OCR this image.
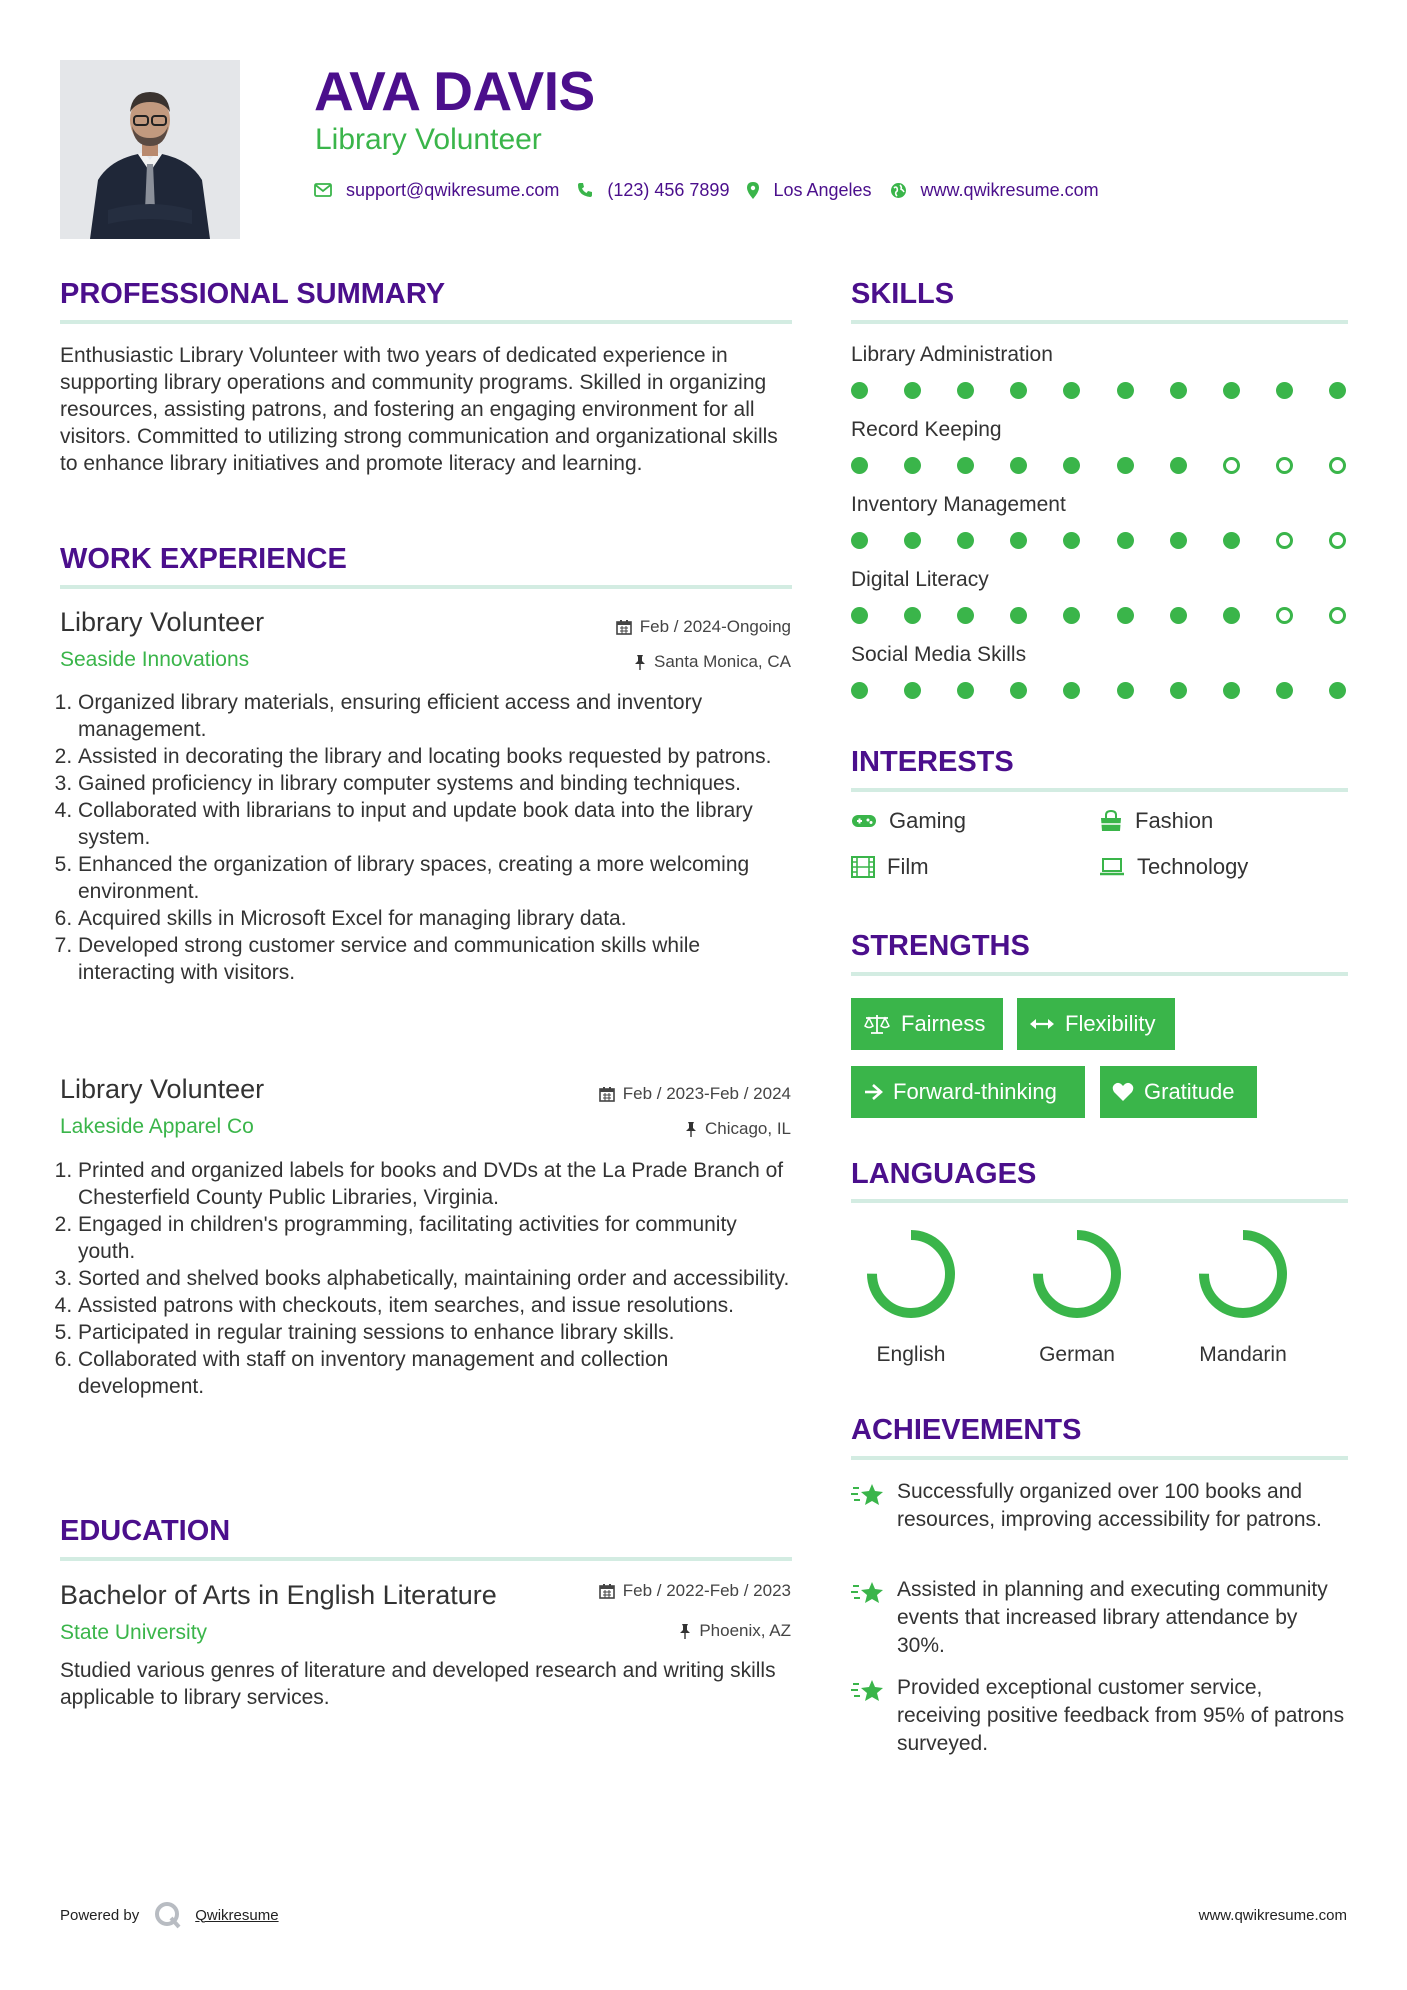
AVA DAVIS
Library Volunteer
support@qwikresume.com	(123) 456 7899 Los Angeles	www.qwikresume.com
PROFESSIONAL SUMMARY
Enthusiastic Library Volunteer with two years of dedicated experience in supporting library operations and community programs. Skilled in organizing resources, assisting patrons, and fostering an engaging environment for all visitors. Committed to utilizing strong communication and organizational skills to enhance library initiatives and promote literacy and learning.
WORK EXPERIENCE
Library Volunteer	Feb / 2024-Ongoing
Seaside Innovations	Santa Monica, CA
1. Organized library materials, ensuring efficient access and inventory management.
2. Assisted in decorating the library and locating books requested by patrons.
3. Gained proficiency in library computer systems and binding techniques.
4. Collaborated with librarians to input and update book data into the library system.
5. Enhanced the organization of library spaces, creating a more welcoming environment.
6. Acquired skills in Microsoft Excel for managing library data.
7. Developed strong customer service and communication skills while interacting with visitors.
Library Volunteer	Feb / 2023-Feb / 2024
Lakeside Apparel Co	Chicago, IL
1. Printed and organized labels for books and DVDs at the La Prade Branch of Chesterfield County Public Libraries, Virginia.
2. Engaged in children's programming, facilitating activities for community youth.
3. Sorted and shelved books alphabetically, maintaining order and accessibility.
4. Assisted patrons with checkouts, item searches, and issue resolutions.
5. Participated in regular training sessions to enhance library skills.
6. Collaborated with staff on inventory management and collection development.
EDUCATION
Bachelor of Arts in English Literature	Feb / 2022-Feb / 2023
State University	Phoenix, AZ
Studied various genres of literature and developed research and writing skills applicable to library services.
SKILLS
Library Administration
Record Keeping
Inventory Management
Digital Literacy
Social Media Skills
INTERESTS
Gaming	Fashion
Film	Technology
STRENGTHS
Fairness	Flexibility
Forward-thinking	Gratitude
LANGUAGES
English	German	Mandarin
ACHIEVEMENTS
Successfully organized over 100 books and resources, improving accessibility for patrons.
Assisted in planning and executing community events that increased library attendance by 30%.
Provided exceptional customer service, receiving positive feedback from 95% of patrons surveyed.
Powered by	Qwikresume	www.qwikresume.com
